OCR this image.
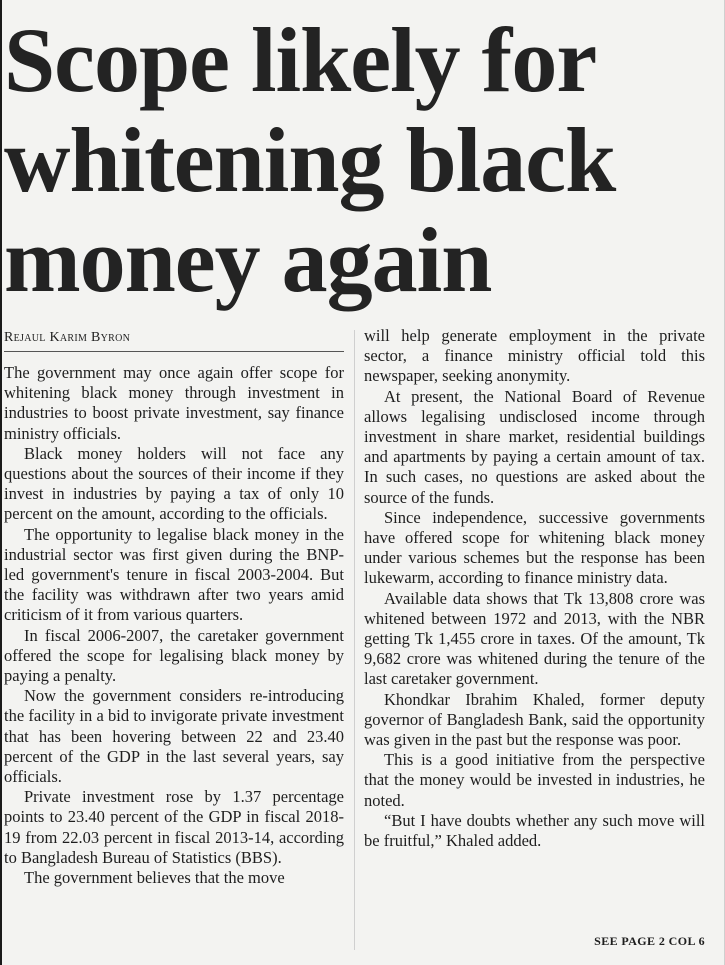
Scope likely for whitening black money again
Rejaul Karim Byron

The government may once again offer scope for whitening black money through investment in industries to boost private investment, say finance ministry officials.

Black money holders will not face any questions about the sources of their income if they invest in industries by paying a tax of only 10 percent on the amount, according to the officials.

The opportunity to legalise black money in the industrial sector was first given during the BNP-led government's tenure in fiscal 2003-2004. But the facility was withdrawn after two years amid criticism of it from various quarters.

In fiscal 2006-2007, the caretaker government offered the scope for legalising black money by paying a penalty.

Now the government considers re-introducing the facility in a bid to invigorate private investment that has been hovering between 22 and 23.40 percent of the GDP in the last several years, say officials.

Private investment rose by 1.37 percentage points to 23.40 percent of the GDP in fiscal 2018-19 from 22.03 percent in fiscal 2013-14, according to Bangladesh Bureau of Statistics (BBS).

The government believes that the move

will help generate employment in the private sector, a finance ministry official told this newspaper, seeking anonymity.

At present, the National Board of Revenue allows legalising undisclosed income through investment in share market, residential buildings and apartments by paying a certain amount of tax. In such cases, no questions are asked about the source of the funds.

Since independence, successive governments have offered scope for whitening black money under various schemes but the response has been lukewarm, according to finance ministry data.

Available data shows that Tk 13,808 crore was whitened between 1972 and 2013, with the NBR getting Tk 1,455 crore in taxes. Of the amount, Tk 9,682 crore was whitened during the tenure of the last caretaker government.

Khondkar Ibrahim Khaled, former deputy governor of Bangladesh Bank, said the opportunity was given in the past but the response was poor.

This is a good initiative from the perspective that the money would be invested in industries, he noted.

“But I have doubts whether any such move will be fruitful,” Khaled added.

SEE PAGE 2 COL 6
